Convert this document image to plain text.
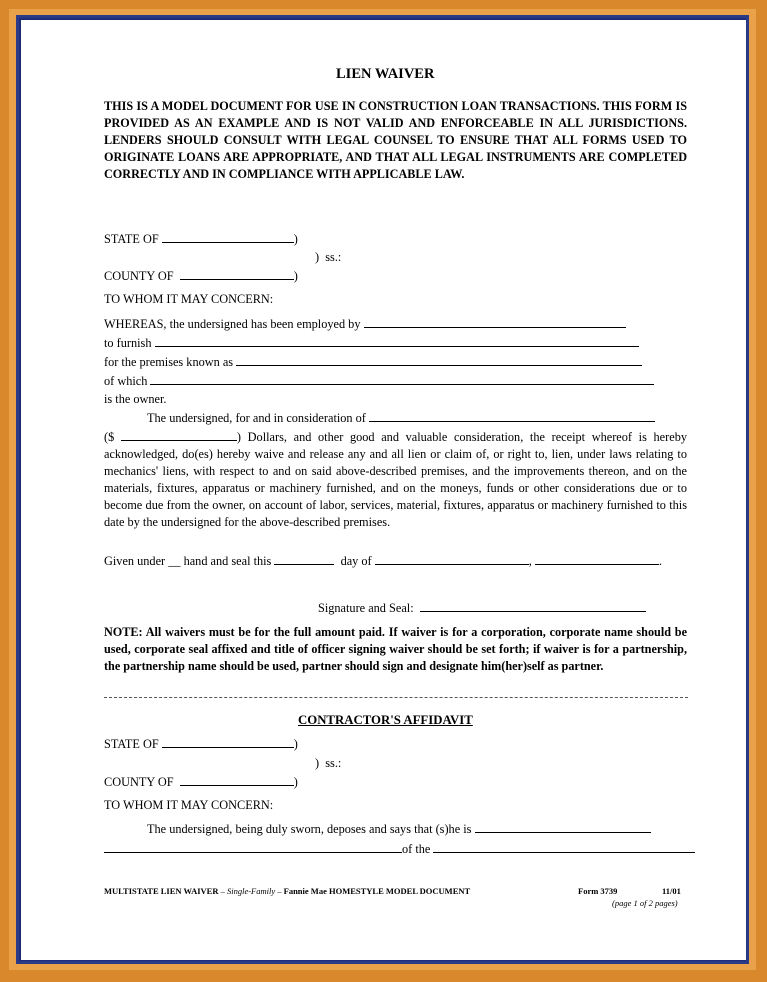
LIEN WAIVER
THIS IS A MODEL DOCUMENT FOR USE IN CONSTRUCTION LOAN TRANSACTIONS. THIS FORM IS PROVIDED AS AN EXAMPLE AND IS NOT VALID AND ENFORCEABLE IN ALL JURISDICTIONS. LENDERS SHOULD CONSULT WITH LEGAL COUNSEL TO ENSURE THAT ALL FORMS USED TO ORIGINATE LOANS ARE APPROPRIATE, AND THAT ALL LEGAL INSTRUMENTS ARE COMPLETED CORRECTLY AND IN COMPLIANCE WITH APPLICABLE LAW.
STATE OF	)
) ss.:
COUNTY OF	)
TO WHOM IT MAY CONCERN:
WHEREAS, the undersigned has been employed by
to furnish
for the premises known as
of which
is the owner.
The undersigned, for and in consideration of
($	) Dollars, and other good and valuable consideration, the receipt whereof is hereby acknowledged, do(es) hereby waive and release any and all lien or claim of, or right to, lien, under laws relating to mechanics' liens, with respect to and on said above-described premises, and the improvements thereon, and on the materials, fixtures, apparatus or machinery furnished, and on the moneys, funds or other considerations due or to become due from the owner, on account of labor, services, material, fixtures, apparatus or machinery furnished to this date by the undersigned for the above-described premises.
Given under __ hand and seal this	day of	,	.
Signature and Seal:
NOTE: All waivers must be for the full amount paid. If waiver is for a corporation, corporate name should be used, corporate seal affixed and title of officer signing waiver should be set forth; if waiver is for a partnership, the partnership name should be used, partner should sign and designate him(her)self as partner.
CONTRACTOR'S AFFIDAVIT
STATE OF	)
) ss.:
COUNTY OF	)
TO WHOM IT MAY CONCERN:
The undersigned, being duly sworn, deposes and says that (s)he is
of the
MULTISTATE LIEN WAIVER – Single-Family – Fannie Mae HOMESTYLE MODEL DOCUMENT	Form 3739	11/01
(page 1 of 2 pages)
